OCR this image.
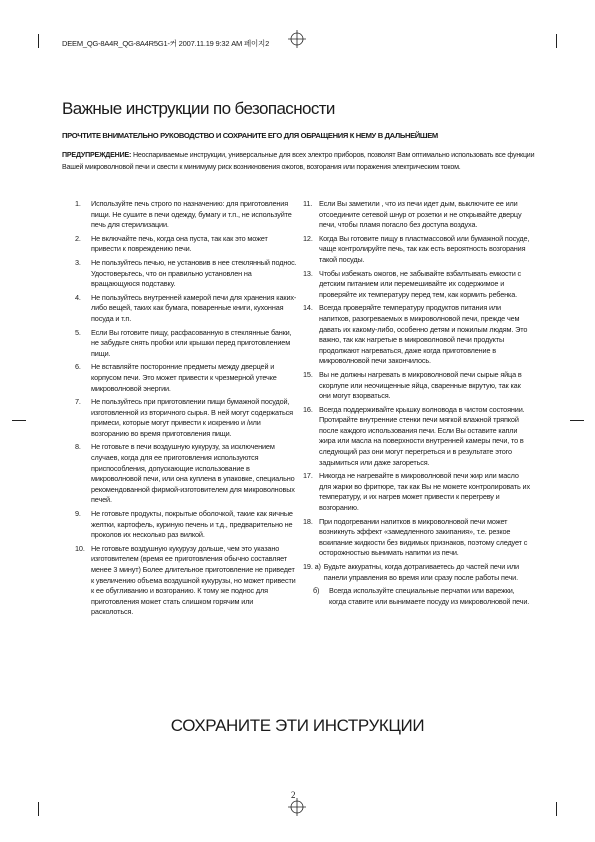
DEEM_QG-8A4R_QG-8A4R5G1-커 2007.11.19 9:32 AM 페이지2
Важные инструкции по безопасности
ПРОЧТИТЕ ВНИМАТЕЛЬНО РУКОВОДСТВО И СОХРАНИТЕ ЕГО ДЛЯ ОБРАЩЕНИЯ К НЕМУ В ДАЛЬНЕЙШЕМ
ПРЕДУПРЕЖДЕНИЕ: Неоспариваемые инструкции, универсальные для всех электро приборов, позволят Вам оптимально использовать все функции Вашей микроволновой печи и свести к минимуму риск возникновения ожогов, возгорания или поражения электрическим током.
1.	Используйте печь строго по назначению: для приготовления пищи. Не сушите в печи одежду, бумагу и т.п., не используйте печь для стерилизации.
2.	Не включайте печь, когда она пуста, так как это может привести к повреждению печи.
3.	Не пользуйтесь печью, не установив в нее стеклянный поднос. Удостоверьтесь, что он правильно установлен на вращающуюся подставку.
4.	Не пользуйтесь внутренней камерой печи для хранения каких-либо вещей, таких как бумага, поваренные книги, кухонная посуда и т.п.
5.	Если Вы готовите пищу, расфасованную в стеклянные банки, не забудьте снять пробки или крышки перед приготовлением пищи.
6.	Не вставляйте посторонние предметы между дверцей и корпусом печи. Это может привести к чрезмерной утечке микроволновой энергии.
7.	Не пользуйтесь при приготовлении пищи бумажной посудой, изготовленной из вторичного сырья. В ней могут содержаться примеси, которые могут привести к искрению и /или возгоранию во время приготовления пищи.
8.	Не готовьте в печи воздушную кукурузу, за исключением случаев, когда для ее приготовления используются приспособления, допускающие использование в микроволновой печи, или она куплена в упаковке, специально рекомендованной фирмой-изготовителем для микроволновых печей.
9.	Не готовьте продукты, покрытые оболочкой, такие как яичные желтки, картофель, куриную печень и т.д., предварительно не проколов их несколько раз вилкой.
10. Не готовьте воздушную кукурузу дольше, чем это указано изготовителем (время ее приготовления обычно составляет менее 3 минут) Более длительное приготовление не приведет к увеличению объема воздушной кукурузы, но может привести к ее обугливанию и возгоранию. К тому же поднос для приготовления может стать слишком горячим или расколоться.
11. Если Вы заметили , что из печи идет дым, выключите ее или отсоедините сетевой шнур от розетки и не открывайте дверцу печи, чтобы пламя погасло без доступа воздуха.
12. Когда Вы готовите пищу в пластмассовой или бумажной посуде, чаще контролируйте печь, так как есть вероятность возгорания такой посуды.
13. Чтобы избежать ожогов, не забывайте взбалтывать емкости с детским питанием или перемешивайте их содержимое и проверяйте их температуру перед тем, как кормить ребенка.
14. Всегда проверяйте температуру продуктов питания или напитков, разогреваемых в микроволновой печи, прежде чем давать их какому-либо, особенно детям и пожилым людям. Это важно, так как нагретые в микроволновой печи продукты продолжают нагреваться, даже когда приготовление в микроволновой печи закончилось.
15. Вы не должны нагревать в микроволновой печи сырые яйца в скорлупе или неочищенные яйца, сваренные вкрутую, так как они могут взорваться.
16. Всегда поддерживайте крышку волновода в чистом состоянии. Протирайте внутренние стенки печи мягкой влажной тряпкой после каждого использования печи. Если Вы оставите капли жира или масла на поверхности внутренней камеры печи, то в следующий раз они могут перегреться и в результате этого задымиться или даже загореться.
17. Никогда не нагревайте в микроволновой печи жир или масло для жарки во фритюре, так как Вы не можете контролировать их температуру, и их нагрев может привести к перегреву и возгоранию.
18. При подогревании напитков в микроволновой печи может возникнуть эффект «замедленного закипания», т.е. резкое вскипание жидкости без видимых признаков, поэтому следует с осторожностью вынимать напитки из печи.
19. а) Будьте аккуратны, когда дотрагиваетесь до частей печи или панели управления во время или сразу после работы печи.
б)	Всегда используйте специальные перчатки или варежки, когда ставите или вынимаете посуду из микроволновой печи.
СОХРАНИТЕ ЭТИ ИНСТРУКЦИИ
2
